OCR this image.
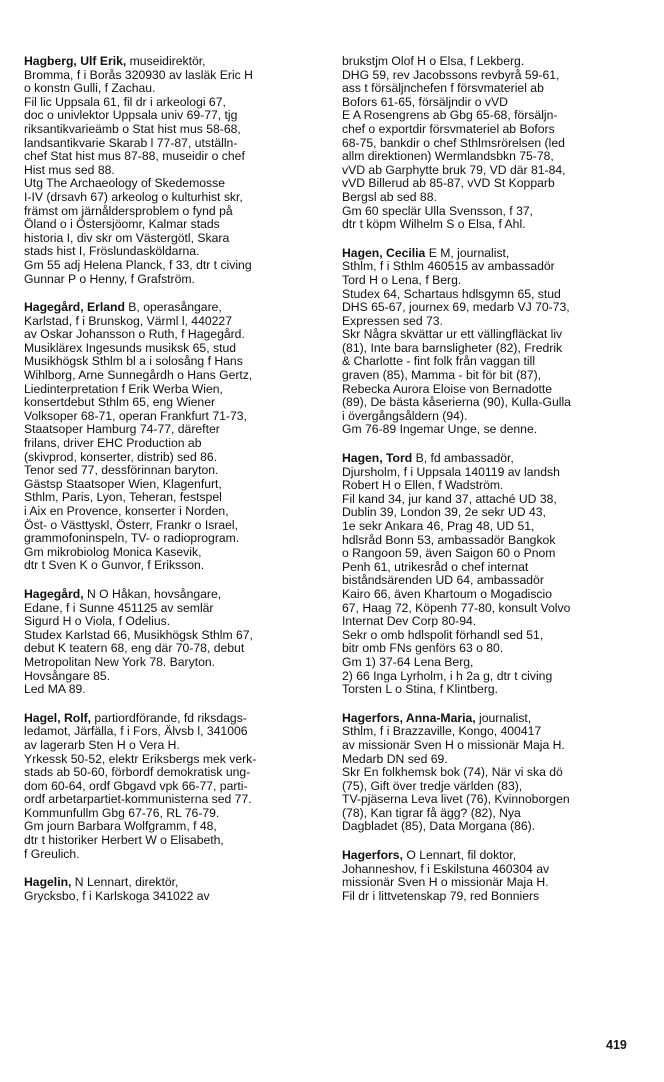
Hagberg, Ulf Erik, museidirektör,
Bromma, f i Borås 320930 av lasläk Eric H
o konstn Gulli, f Zachau.
Fil lic Uppsala 61, fil dr i arkeologi 67,
doc o univlektor Uppsala univ 69-77, tjg
riksantikvarieämb o Stat hist mus 58-68,
landsantikvarie Skarab l 77-87, utställn-
chef Stat hist mus 87-88, museidir o chef
Hist mus sed 88.
Utg The Archaeology of Skedemosse
I-IV (drsavh 67) arkeolog o kulturhist skr,
främst om järnåldersproblem o fynd på
Öland o i Östersjöomr, Kalmar stads
historia I, div skr om Västergötl, Skara
stads hist I, Fröslundasköldarna.
Gm 55 adj Helena Planck, f 33, dtr t civing
Gunnar P o Henny, f Grafström.
Hagegård, Erland B, operasångare,
Karlstad, f i Brunskog, Värml l, 440227
av Oskar Johansson o Ruth, f Hagegård.
Musiklärex Ingesunds musiksk 65, stud
Musikhögsk Sthlm bl a i solosång f Hans
Wihlborg, Arne Sunnegårdh o Hans Gertz,
Liedinterpretation f Erik Werba Wien,
konsertdebut Sthlm 65, eng Wiener
Volksoper 68-71, operan Frankfurt 71-73,
Staatsoper Hamburg 74-77, därefter
frilans, driver EHC Production ab
(skivprod, konserter, distrib) sed 86.
Tenor sed 77, dessförinnan baryton.
Gästsp Staatsoper Wien, Klagenfurt,
Sthlm, Paris, Lyon, Teheran, festspel
i Aix en Provence, konserter i Norden,
Öst- o Västtyskl, Österr, Frankr o Israel,
grammofoninspeln, TV- o radioprogram.
Gm mikrobiolog Monica Kasevik,
dtr t Sven K o Gunvor, f Eriksson.
Hagegård, N O Håkan, hovsångare,
Edane, f i Sunne 451125 av semlär
Sigurd H o Viola, f Odelius.
Studex Karlstad 66, Musikhögsk Sthlm 67,
debut K teatern 68, eng där 70-78, debut
Metropolitan New York 78. Baryton.
Hovsångare 85.
Led MA 89.
Hagel, Rolf, partiordförande, fd riksdags-
ledamot, Järfälla, f i Fors, Älvsb l, 341006
av lagerarb Sten H o Vera H.
Yrkessk 50-52, elektr Eriksbergs mek verk-
stads ab 50-60, förbordf demokratisk ung-
dom 60-64, ordf Gbgavd vpk 66-77, parti-
ordf arbetarpartiet-kommunisterna sed 77.
Kommunfullm Gbg 67-76, RL 76-79.
Gm journ Barbara Wolfgramm, f 48,
dtr t historiker Herbert W o Elisabeth,
f Greulich.
Hagelin, N Lennart, direktör,
Grycksbo, f i Karlskoga 341022 av
brukstjm Olof H o Elsa, f Lekberg.
DHG 59, rev Jacobssons revbyrå 59-61,
ass t försäljnchefen f försvmateriel ab
Bofors 61-65, försäljndir o vVD
E A Rosengrens ab Gbg 65-68, försäljn-
chef o exportdir försvmateriel ab Bofors
68-75, bankdir o chef Sthlmsrörelsen (led
allm direktionen) Wermlandsbkn 75-78,
vVD ab Garphytte bruk 79, VD där 81-84,
vVD Billerud ab 85-87, vVD St Kopparb
Bergsl ab sed 88.
Gm 60 speclär Ulla Svensson, f 37,
dtr t köpm Wilhelm S o Elsa, f Ahl.
Hagen, Cecilia E M, journalist,
Sthlm, f i Sthlm 460515 av ambassadör
Tord H o Lena, f Berg.
Studex 64, Schartaus hdlsgymn 65, stud
DHS 65-67, journex 69, medarb VJ 70-73,
Expressen sed 73.
Skr Några skvättar ur ett vällingfläckat liv
(81), Inte bara barnsligheter (82), Fredrik
& Charlotte - fint folk från vaggan till
graven (85), Mamma - bit för bit (87),
Rebecka Aurora Eloise von Bernadotte
(89), De bästa kåserierna (90), Kulla-Gulla
i övergångsåldern (94).
Gm 76-89 Ingemar Unge, se denne.
Hagen, Tord B, fd ambassadör,
Djursholm, f i Uppsala 140119 av landsh
Robert H o Ellen, f Wadström.
Fil kand 34, jur kand 37, attaché UD 38,
Dublin 39, London 39, 2e sekr UD 43,
1e sekr Ankara 46, Prag 48, UD 51,
hdlsråd Bonn 53, ambassadör Bangkok
o Rangoon 59, även Saigon 60 o Pnom
Penh 61, utrikesråd o chef internat
biståndsärenden UD 64, ambassadör
Kairo 66, även Khartoum o Mogadiscio
67, Haag 72, Köpenh 77-80, konsult Volvo
Internat Dev Corp 80-94.
Sekr o omb hdlspolit förhandl sed 51,
bitr omb FNs genförs 63 o 80.
Gm 1) 37-64 Lena Berg,
2) 66 Inga Lyrholm, i h 2a g, dtr t civing
Torsten L o Stina, f Klintberg.
Hagerfors, Anna-Maria, journalist,
Sthlm, f i Brazzaville, Kongo, 400417
av missionär Sven H o missionär Maja H.
Medarb DN sed 69.
Skr En folkhemsk bok (74), När vi ska dö
(75), Gift över tredje världen (83),
TV-pjäserna Leva livet (76), Kvinnoborgen
(78), Kan tigrar få ägg? (82), Nya
Dagbladet (85), Data Morgana (86).
Hagerfors, O Lennart, fil doktor,
Johanneshov, f i Eskilstuna 460304 av
missionär Sven H o missionär Maja H.
Fil dr i littvetenskap 79, red Bonniers
419
